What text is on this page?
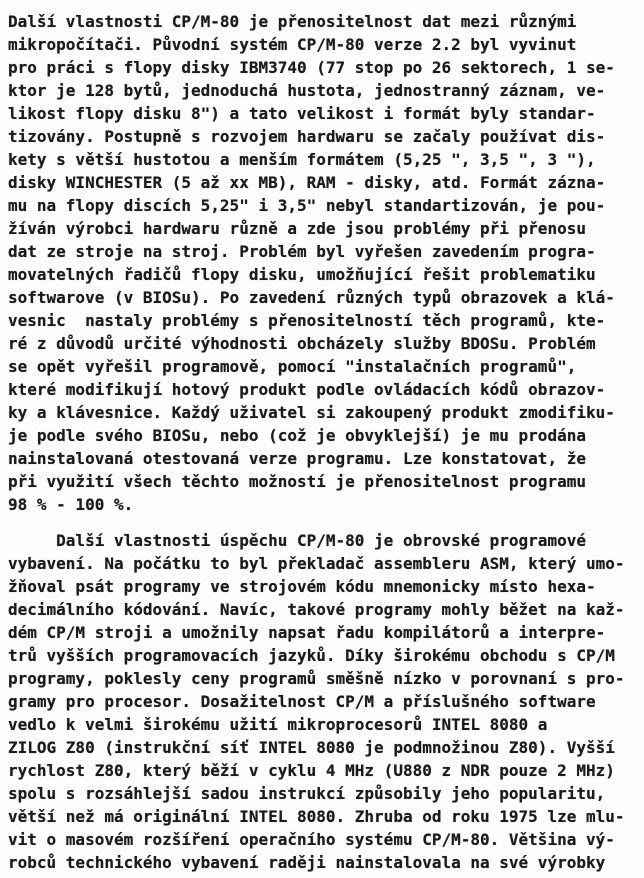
Další vlastnosti CP/M-80 je přenositelnost dat mezi různými
mikropočítači. Původní systém CP/M-80 verze 2.2 byl vyvinut
pro práci s flopy disky IBM3740 (77 stop po 26 sektorech, 1 se-
ktor je 128 bytů, jednoduchá hustota, jednostranný záznam, ve-
likost flopy disku 8") a tato velikost i formát byly standar-
tizovány. Postupně s rozvojem hardwaru se začaly používat dis-
kety s větší hustotou a menším formátem (5,25 ", 3,5 ", 3 "),
disky WINCHESTER (5 až xx MB), RAM - disky, atd. Formát zázna-
mu na flopy discích 5,25" i 3,5" nebyl standartizován, je pou-
žíván výrobci hardwaru různě a zde jsou problémy při přenosu
dat ze stroje na stroj. Problém byl vyřešen zavedením progra-
movatelných řadičů flopy disku, umožňující řešit problematiku
softwarove (v BIOSu). Po zavedení různých typů obrazovek a klá-
vesnic  nastaly problémy s přenositelností těch programů, kte-
ré z důvodů určité výhodnosti obcházely služby BDOSu. Problém
se opět vyřešil programově, pomocí "instalačních programů",
které modifikují hotový produkt podle ovládacích kódů obrazov-
ky a klávesnice. Každý uživatel si zakoupený produkt zmodifiku-
je podle svého BIOSu, nebo (což je obvyklejší) je mu prodána
nainstalovaná otestovaná verze programu. Lze konstatovat, že
při využití všech těchto možností je přenositelnost programu
98 % - 100 %.
Další vlastnosti úspěchu CP/M-80 je obrovské programové
vybavení. Na počátku to byl překladač assembleru ASM, který umo-
žňoval psát programy ve strojovém kódu mnemonicky místo hexa-
decimálního kódování. Navíc, takové programy mohly běžet na kaž-
dém CP/M stroji a umožnily napsat řadu kompilátorů a interpre-
trů vyšších programovacích jazyků. Díky širokému obchodu s CP/M
programy, poklesly ceny programů směšně nízko v porovnaní s pro-
gramy pro procesor. Dosažitelnost CP/M a příslušného software
vedlo k velmi širokému užití mikroprocesorů INTEL 8080 a
ZILOG Z80 (instrukční síť INTEL 8080 je podmnožinou Z80). Vyšší
rychlost Z80, který běží v cyklu 4 MHz (U880 z NDR pouze 2 MHz)
spolu s rozsáhlejší sadou instrukcí způsobily jeho popularitu,
větší než má originální INTEL 8080. Zhruba od roku 1975 lze mlu-
vit o masovém rozšíření operačního systému CP/M-80. Většina vý-
robců technického vybavení raději nainstalovala na své výrobky
